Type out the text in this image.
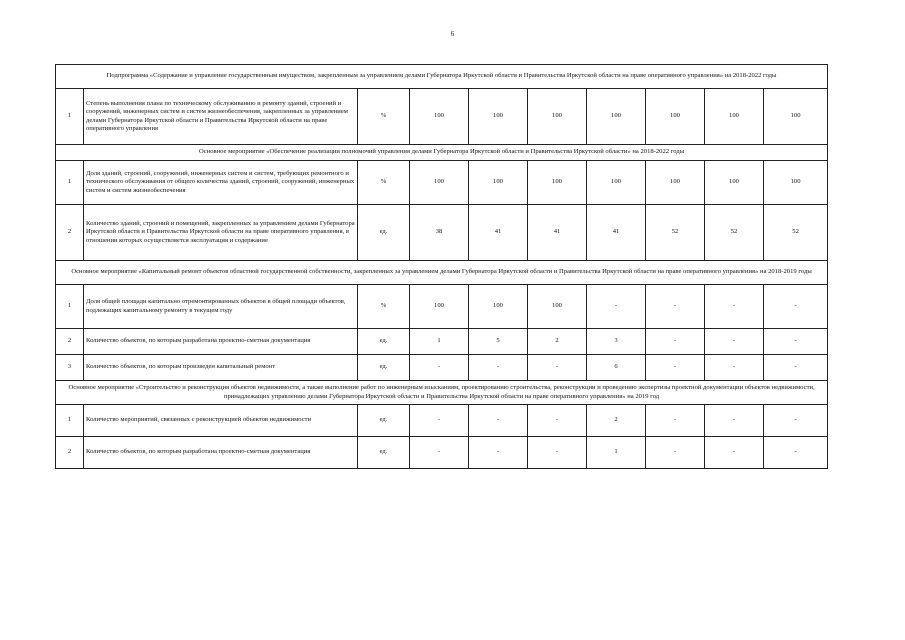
6
Подпрограмма «Содержание и управление государственным имуществом, закрепленным за управлением делами Губернатора Иркутской области и Правительства Иркутской области на праве оперативного управления» на 2018-2022 годы									
1	Степень выполнения плана по техническому обслуживанию и ремонту зданий, строений и сооружений, инженерных систем и систем жизнеобеспечения, закрепленных за управлением делами Губернатора Иркутской области и Правительства Иркутской области на праве оперативного управления	%	100	100	100	100	100	100	100
Основное мероприятие «Обеспечение реализации полномочий управления делами Губернатора Иркутской области и Правительства Иркутской области» на 2018-2022 годы									
1	Доля зданий, строений, сооружений, инженерных систем и систем, требующих ремонтного и технического обслуживания от общего количества зданий, строений, сооружений, инженерных систем и систем жизнеобеспечения	%	100	100	100	100	100	100	100
2	Количество зданий, строений и помещений, закрепленных за управлением делами Губернатора Иркутской области и Правительства Иркутской области на праве оперативного управления, в отношении которых осуществляется эксплуатация и содержание	ед.	38	41	41	41	52	52	52
Основное мероприятие «Капитальный ремонт объектов областной государственной собственности, закрепленных за управлением делами Губернатора Иркутской области и Правительства Иркутской области на праве оперативного управления» на 2018-2019 годы									
1	Доля общей площади капитально отремонтированных объектов в общей площади объектов, подлежащих капитальному ремонту в текущем году	%	100	100	100	-	-	-	-
2	Количество объектов, по которым разработана проектно-сметная документация	ед.	1	5	2	3	-	-	-
3	Количество объектов, по которым произведен капитальный ремонт	ед.	-	-	-	6	-	-	-
Основное мероприятие «Строительство и реконструкция объектов недвижимости, а также выполнение работ по инженерным изысканиям, проектированию строительства, реконструкции и проведению экспертизы проектной документации объектов недвижимости, принадлежащих управлению делами Губернатора Иркутской области и Правительства Иркутской области на праве оперативного управления» на 2019 год									
1	Количество мероприятий, связанных с реконструкцией объектов недвижимости	ед.	-	-	-	2	-	-	-
2	Количество объектов, по которым разработана проектно-сметная документация	ед.	-	-	-	1	-	-	-
